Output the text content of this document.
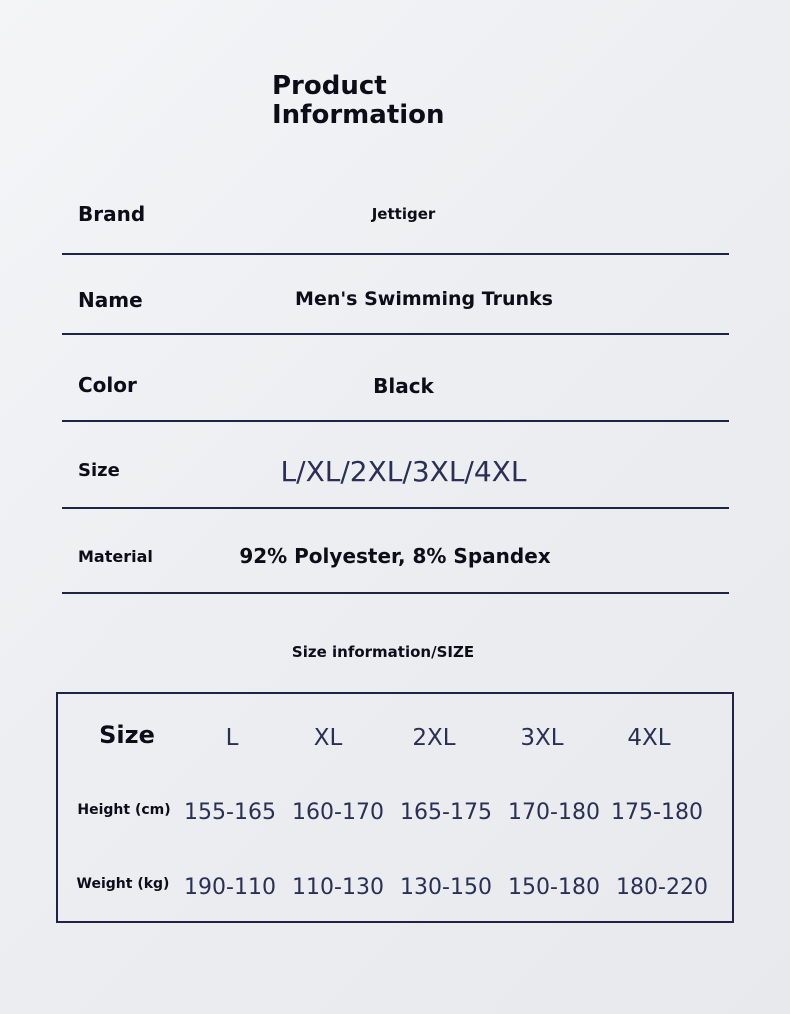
Product
Information
Brand	Jettiger
Name	Men's Swimming Trunks
Color	Black
Size	L/XL/2XL/3XL/4XL
Material	92% Polyester, 8% Spandex

Size information/SIZE

Size	L	XL	2XL	3XL	4XL
Height (cm) 155-165 160-170 165-175 170-180 175-180
Weight (kg) 190-110 110-130 130-150 150-180 180-220
